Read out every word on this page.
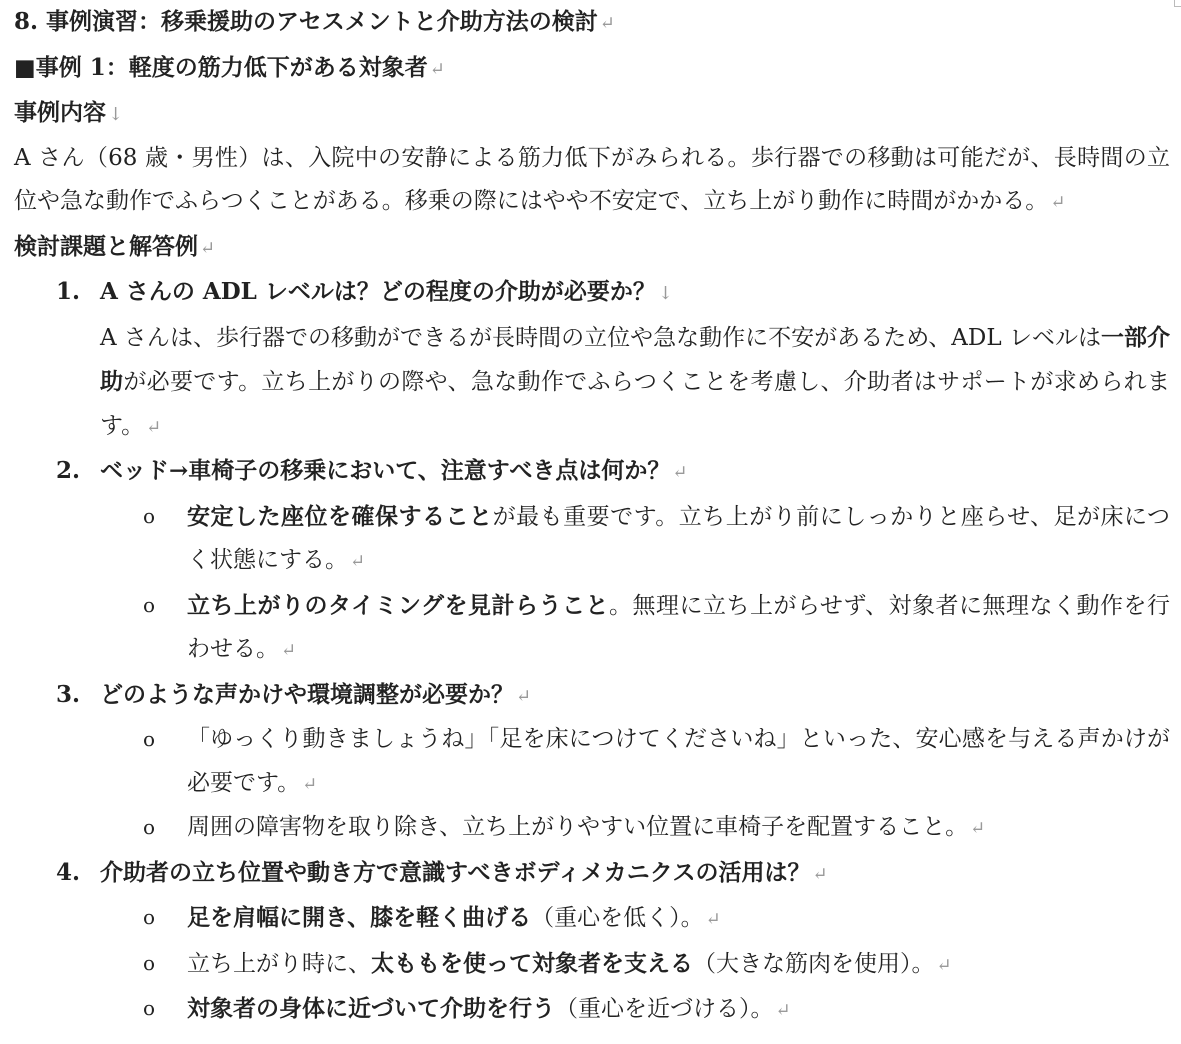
8. 事例演習：移乗援助のアセスメントと介助方法の検討 ↵
■事例 1：軽度の筋力低下がある対象者 ↵
事例内容 ↓
A さん（68 歳・男性）は、入院中の安静による筋力低下がみられる。歩行器での移動は可能だが、長時間の立位や急な動作でふらつくことがある。移乗の際にはやや不安定で、立ち上がり動作に時間がかかる。 ↵
検討課題と解答例 ↵
1. A さんの ADL レベルは？どの程度の介助が必要か？ ↓
A さんは、歩行器での移動ができるが長時間の立位や急な動作に不安があるため、ADL レベルは一部介助が必要です。立ち上がりの際や、急な動作でふらつくことを考慮し、介助者はサポートが求められます。 ↵
2. ベッド→車椅子の移乗において、注意すべき点は何か？ ↵
o 安定した座位を確保することが最も重要です。立ち上がり前にしっかりと座らせ、足が床につく状態にする。 ↵
o 立ち上がりのタイミングを見計らうこと。無理に立ち上がらせず、対象者に無理なく動作を行わせる。 ↵
3. どのような声かけや環境調整が必要か？ ↵
o 「ゆっくり動きましょうね」「足を床につけてくださいね」といった、安心感を与える声かけが必要です。 ↵
o 周囲の障害物を取り除き、立ち上がりやすい位置に車椅子を配置すること。 ↵
4. 介助者の立ち位置や動き方で意識すべきボディメカニクスの活用は？ ↵
o 足を肩幅に開き、膝を軽く曲げる（重心を低く）。 ↵
o 立ち上がり時に、太ももを使って対象者を支える（大きな筋肉を使用）。 ↵
o 対象者の身体に近づいて介助を行う（重心を近づける）。 ↵
